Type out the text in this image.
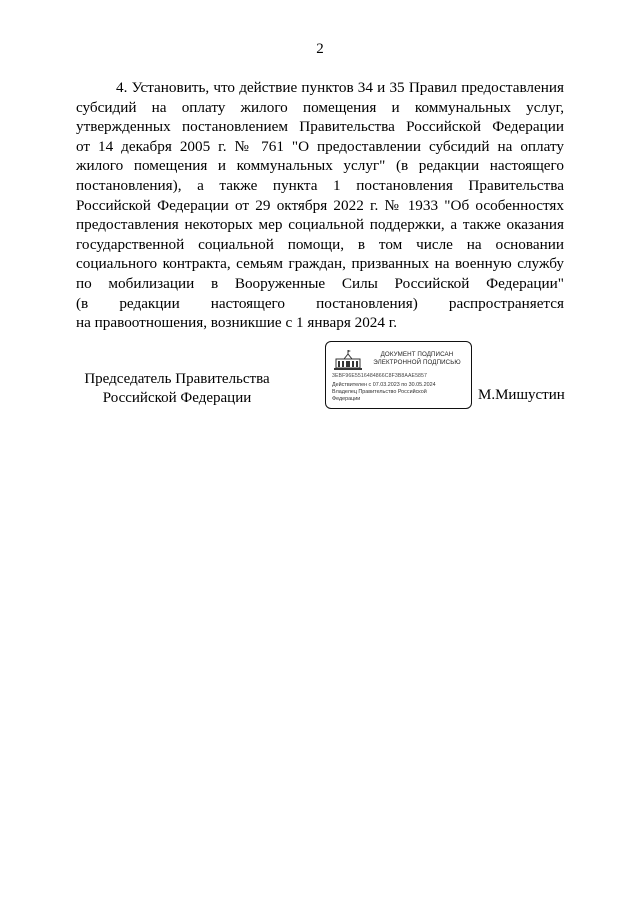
2
4. Установить, что действие пунктов 34 и 35 Правил предоставления
субсидий на оплату жилого помещения и коммунальных услуг,
утвержденных постановлением Правительства Российской Федерации
от 14 декабря 2005 г. № 761 "О предоставлении субсидий на оплату
жилого помещения и коммунальных услуг" (в редакции настоящего
постановления), а также пункта 1 постановления Правительства
Российской Федерации от 29 октября 2022 г. № 1933 "Об особенностях
предоставления некоторых мер социальной поддержки, а также оказания
государственной социальной помощи, в том числе на основании
социального контракта, семьям граждан, призванных на военную службу
по мобилизации в Вооруженные Силы Российской Федерации"
(в редакции настоящего постановления) распространяется
на правоотношения, возникшие с 1 января 2024 г.
Председатель Правительства
Российской Федерации
ДОКУМЕНТ ПОДПИСАН
ЭЛЕКТРОННОЙ ПОДПИСЬЮ
3EBF96E5516484866C8F3B8AAE5857
Действителен с 07.03.2023 по 30.05.2024
Владелец Правительство Российской
Федерации	М.Мишустин
